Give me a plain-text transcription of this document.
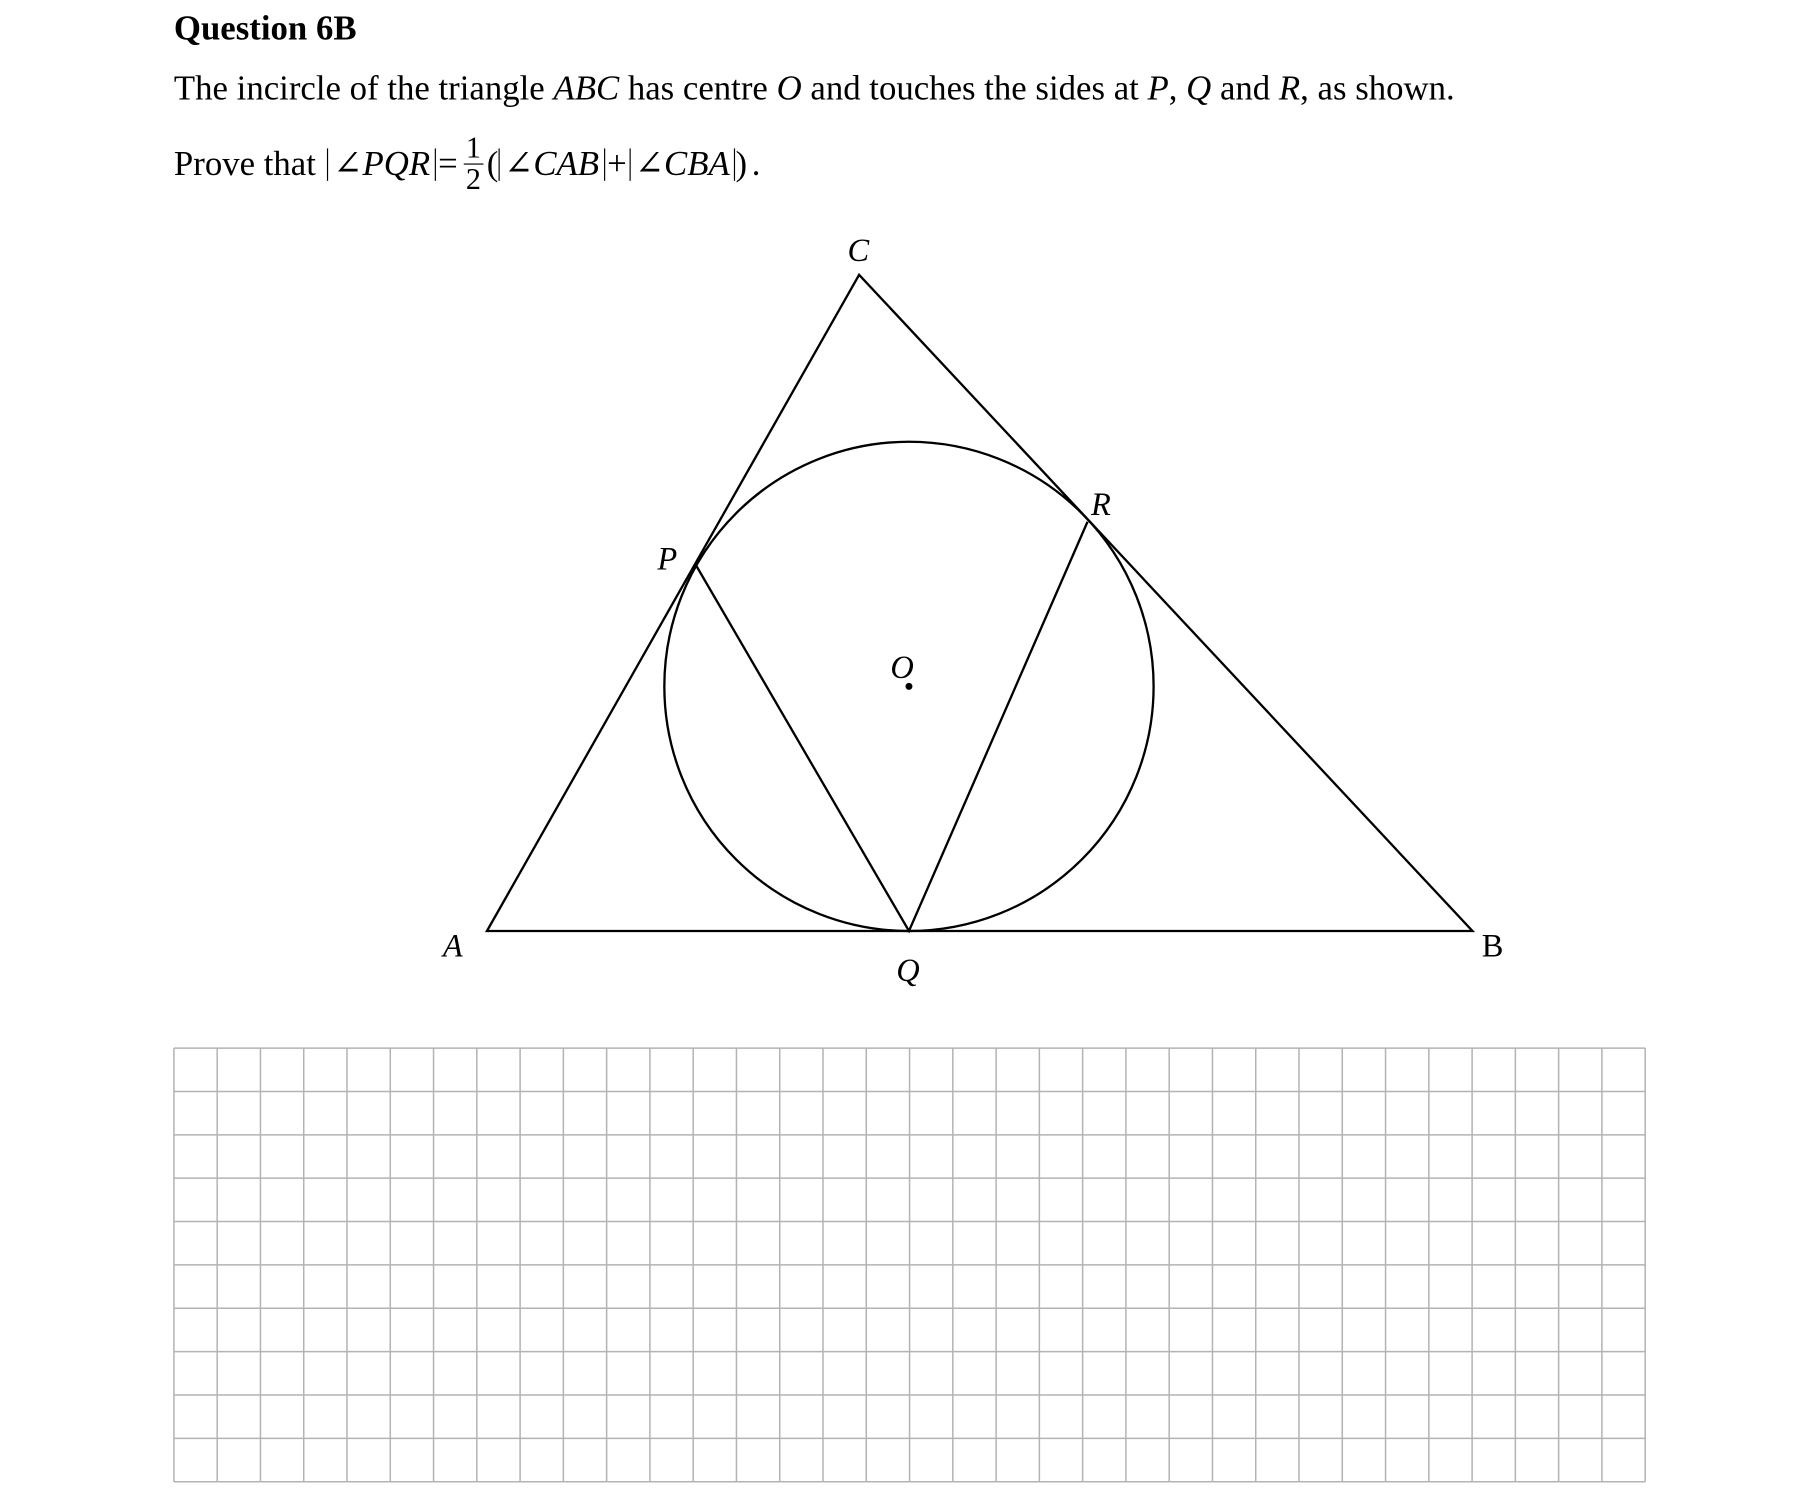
Question 6B
The incircle of the triangle ABC has centre O and touches the sides at P, Q and R, as shown.
Prove that ∠PQR = $\frac{1}{2}$ ( ∠CAB + ∠CBA ) .
C
R
P
O
A	B
Q
